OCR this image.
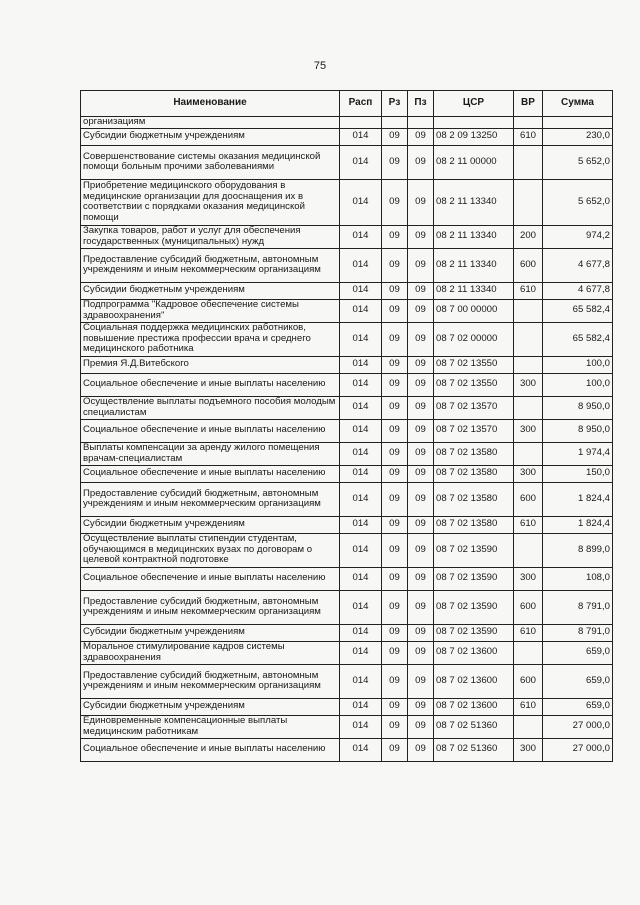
75
Наименование	Расп	Рз	Пз	ЦСР	ВР	Сумма
организациям						
Субсидии бюджетным учреждениям	014	09	09	08 2 09 13250	610	230,0
Совершенствование системы оказания медицинской помощи больным прочими заболеваниями	014	09	09	08 2 11 00000		5 652,0
Приобретение медицинского оборудования в медицинские организации для дооснащения их в соответствии с порядками оказания медицинской помощи	014	09	09	08 2 11 13340		5 652,0
Закупка товаров, работ и услуг для обеспечения государственных (муниципальных) нужд	014	09	09	08 2 11 13340	200	974,2
Предоставление субсидий бюджетным, автономным учреждениям и иным некоммерческим организациям	014	09	09	08 2 11 13340	600	4 677,8
Субсидии бюджетным учреждениям	014	09	09	08 2 11 13340	610	4 677,8
Подпрограмма "Кадровое обеспечение системы здравоохранения"	014	09	09	08 7 00 00000		65 582,4
Социальная поддержка медицинских работников, повышение престижа профессии врача и среднего медицинского работника	014	09	09	08 7 02 00000		65 582,4
Премия Я.Д.Витебского	014	09	09	08 7 02 13550		100,0
Социальное обеспечение и иные выплаты населению	014	09	09	08 7 02 13550	300	100,0
Осуществление выплаты подъемного пособия молодым специалистам	014	09	09	08 7 02 13570		8 950,0
Социальное обеспечение и иные выплаты населению	014	09	09	08 7 02 13570	300	8 950,0
Выплаты компенсации за аренду жилого помещения врачам-специалистам	014	09	09	08 7 02 13580		1 974,4
Социальное обеспечение и иные выплаты населению	014	09	09	08 7 02 13580	300	150,0
Предоставление субсидий бюджетным, автономным учреждениям и иным некоммерческим организациям	014	09	09	08 7 02 13580	600	1 824,4
Субсидии бюджетным учреждениям	014	09	09	08 7 02 13580	610	1 824,4
Осуществление выплаты стипендии студентам, обучающимся в медицинских вузах по договорам о целевой контрактной подготовке	014	09	09	08 7 02 13590		8 899,0
Социальное обеспечение и иные выплаты населению	014	09	09	08 7 02 13590	300	108,0
Предоставление субсидий бюджетным, автономным учреждениям и иным некоммерческим организациям	014	09	09	08 7 02 13590	600	8 791,0
Субсидии бюджетным учреждениям	014	09	09	08 7 02 13590	610	8 791,0
Моральное стимулирование кадров системы здравоохранения	014	09	09	08 7 02 13600		659,0
Предоставление субсидий бюджетным, автономным учреждениям и иным некоммерческим организациям	014	09	09	08 7 02 13600	600	659,0
Субсидии бюджетным учреждениям	014	09	09	08 7 02 13600	610	659,0
Единовременные компенсационные выплаты медицинским работникам	014	09	09	08 7 02 51360		27 000,0
Социальное обеспечение и иные выплаты населению	014	09	09	08 7 02 51360	300	27 000,0
